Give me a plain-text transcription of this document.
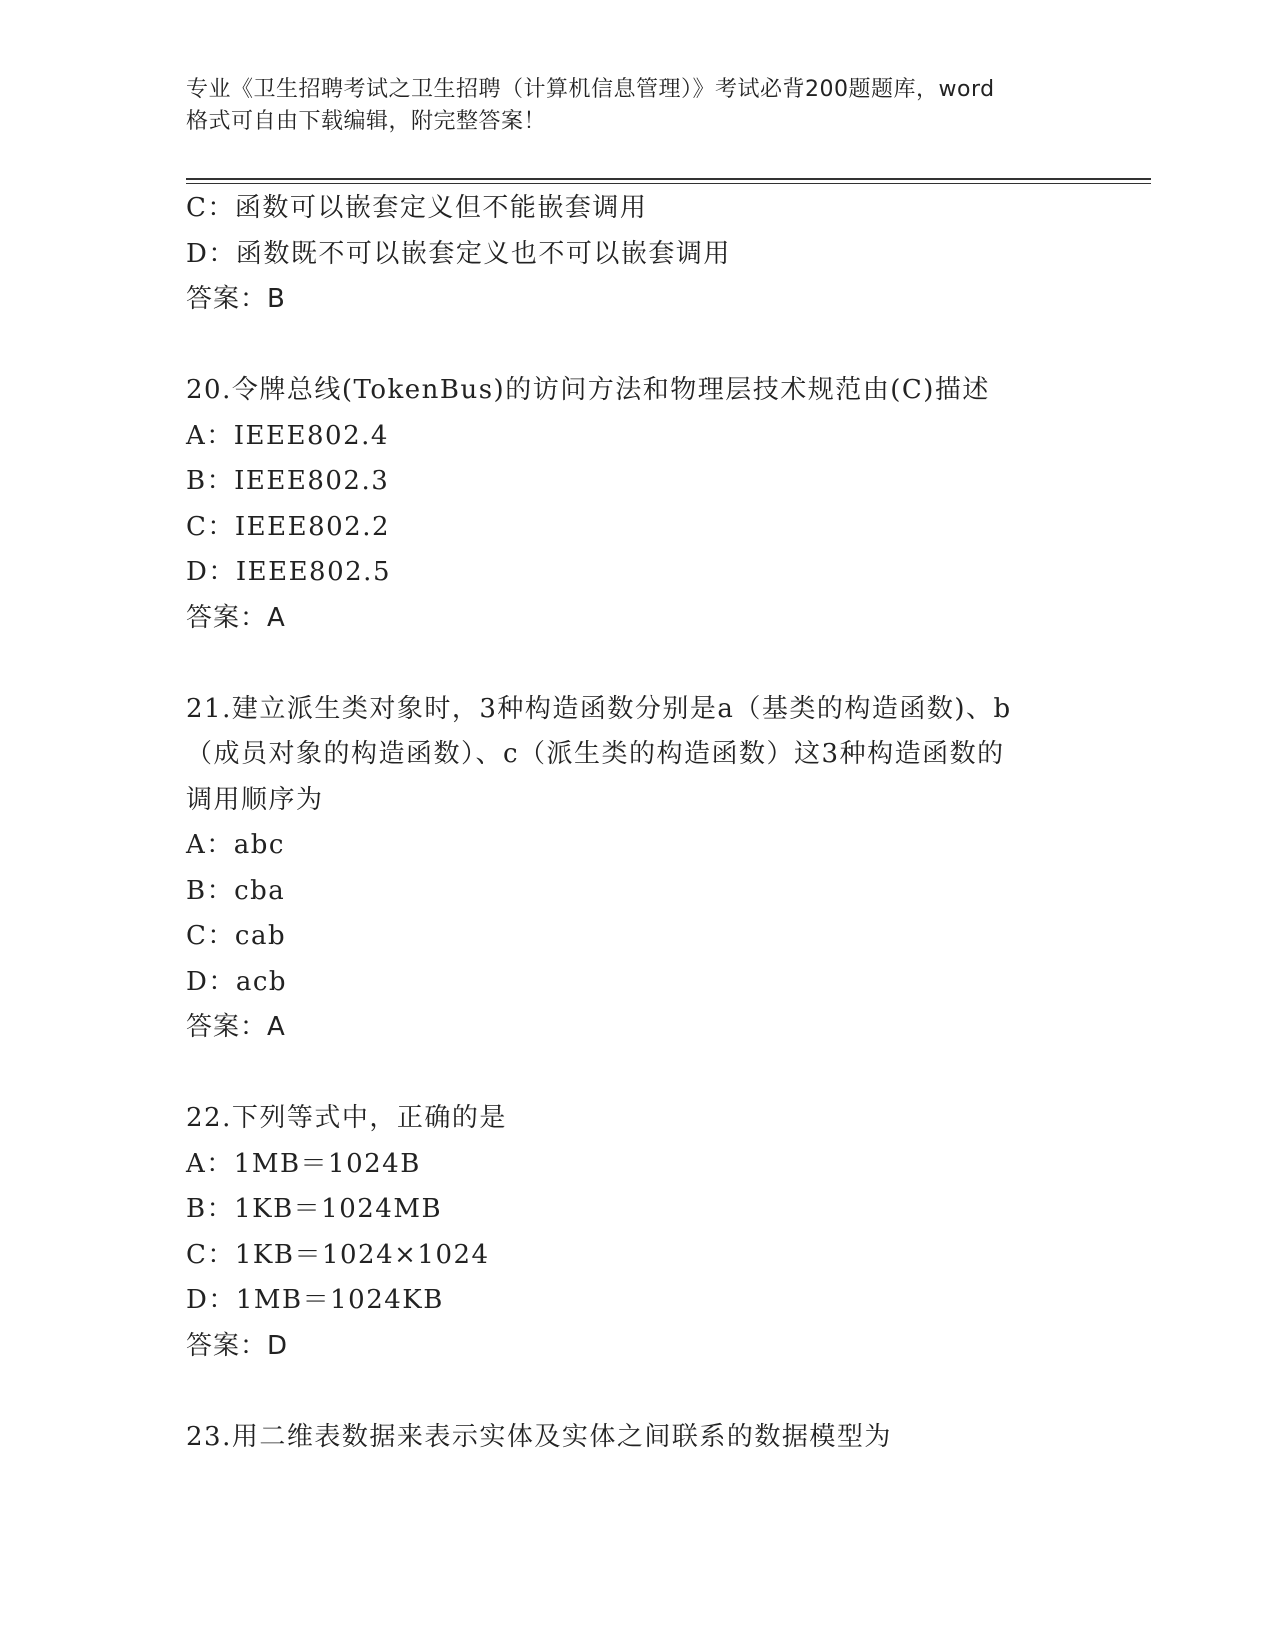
专业《卫生招聘考试之卫生招聘（计算机信息管理）》考试必背200题题库，word
格式可自由下载编辑，附完整答案！
C：函数可以嵌套定义但不能嵌套调用
D：函数既不可以嵌套定义也不可以嵌套调用
答案：B
20.令牌总线(TokenBus)的访问方法和物理层技术规范由(C)描述
A：IEEE802.4
B：IEEE802.3
C：IEEE802.2
D：IEEE802.5
答案：A
21.建立派生类对象时，3种构造函数分别是a（基类的构造函数)、b
（成员对象的构造函数）、c（派生类的构造函数）这3种构造函数的
调用顺序为
A：abc
B：cba
C：cab
D：acb
答案：A
22.下列等式中，正确的是
A：1MB＝1024B
B：1KB＝1024MB
C：1KB＝1024×1024
D：1MB＝1024KB
答案：D
23.用二维表数据来表示实体及实体之间联系的数据模型为
